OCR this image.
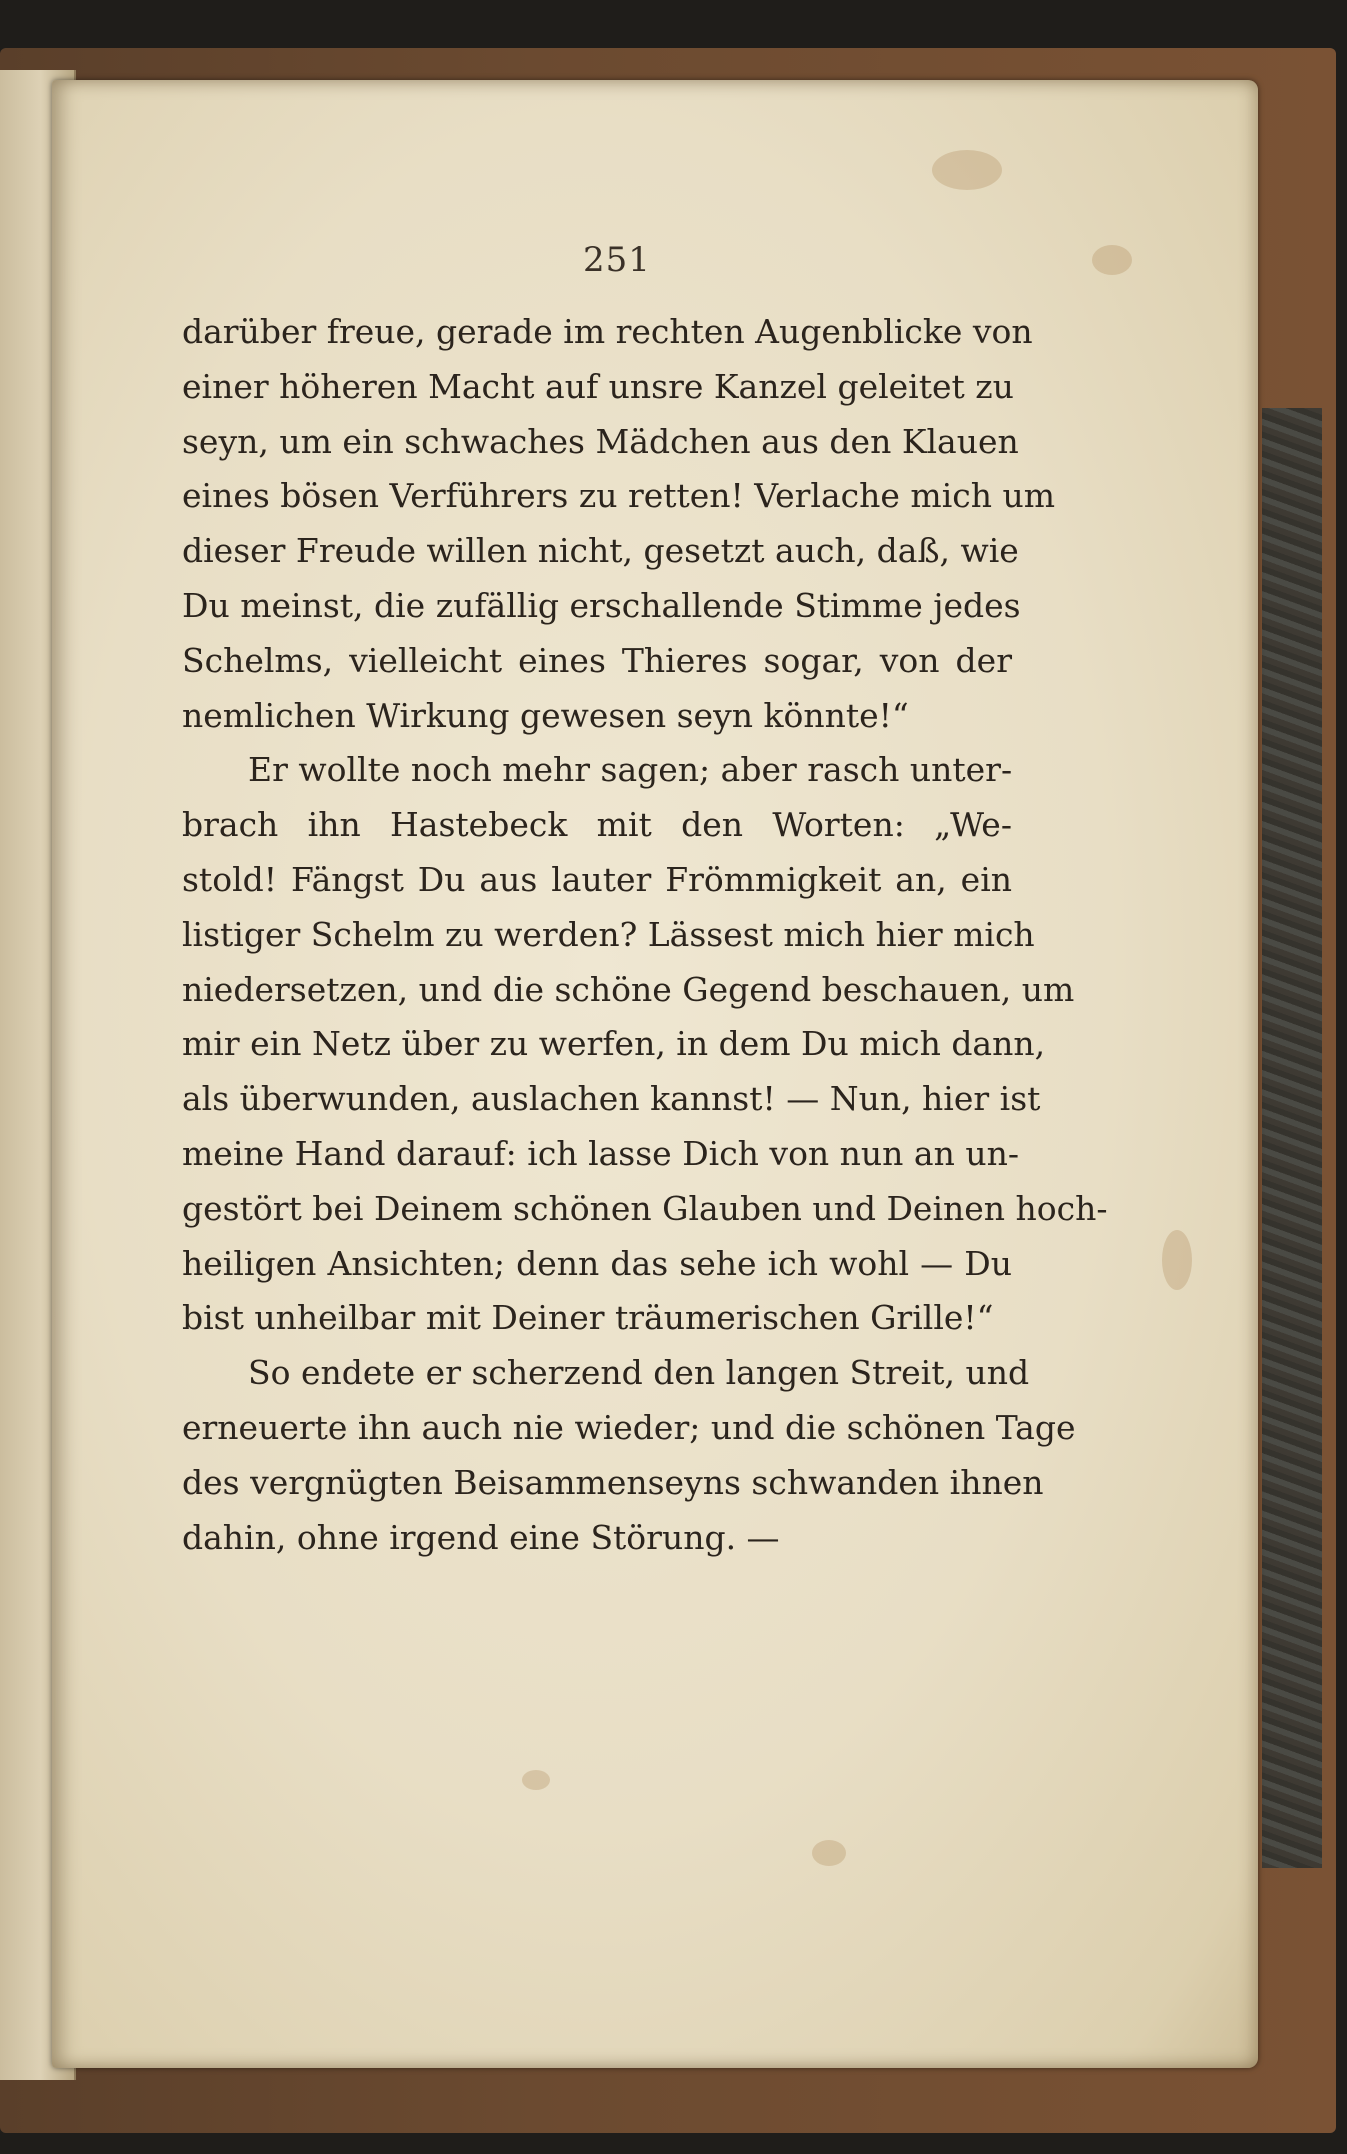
251
darüber freue, gerade im rechten Augenblicke von
einer höheren Macht auf unsre Kanzel geleitet zu
seyn, um ein schwaches Mädchen aus den Klauen
eines bösen Verführers zu retten! Verlache mich um
dieser Freude willen nicht, gesetzt auch, daß, wie
Du meinst, die zufällig erschallende Stimme jedes
Schelms, vielleicht eines Thieres sogar, von der
nemlichen Wirkung gewesen seyn könnte!“
Er wollte noch mehr sagen; aber rasch unter-
brach ihn Hastebeck mit den Worten: „We-
stold! Fängst Du aus lauter Frömmigkeit an, ein
listiger Schelm zu werden? Lässest mich hier mich
niedersetzen, und die schöne Gegend beschauen, um
mir ein Netz über zu werfen, in dem Du mich dann,
als überwunden, auslachen kannst! — Nun, hier ist
meine Hand darauf: ich lasse Dich von nun an un-
gestört bei Deinem schönen Glauben und Deinen hoch-
heiligen Ansichten; denn das sehe ich wohl — Du
bist unheilbar mit Deiner träumerischen Grille!“
So endete er scherzend den langen Streit, und
erneuerte ihn auch nie wieder; und die schönen Tage
des vergnügten Beisammenseyns schwanden ihnen
dahin, ohne irgend eine Störung. —
